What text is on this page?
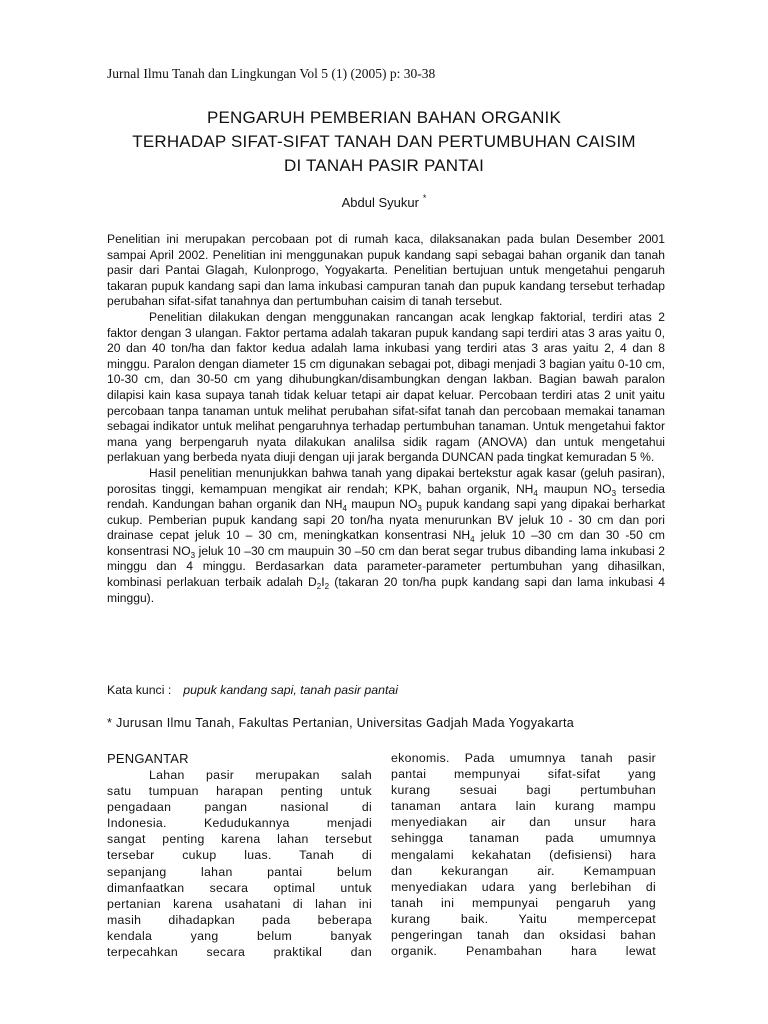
Jurnal Ilmu Tanah dan Lingkungan Vol 5 (1) (2005) p: 30-38
PENGARUH PEMBERIAN BAHAN ORGANIK
TERHADAP SIFAT-SIFAT TANAH DAN PERTUMBUHAN CAISIM
DI TANAH PASIR PANTAI
Abdul Syukur *

Penelitian ini merupakan percobaan pot di rumah kaca, dilaksanakan pada bulan Desember 2001 sampai April 2002. Penelitian ini menggunakan pupuk kandang sapi sebagai bahan organik dan tanah pasir dari Pantai Glagah, Kulonprogo, Yogyakarta. Penelitian bertujuan untuk mengetahui pengaruh takaran pupuk kandang sapi dan lama inkubasi campuran tanah dan pupuk kandang tersebut terhadap perubahan sifat-sifat tanahnya dan pertumbuhan caisim di tanah tersebut.

Penelitian dilakukan dengan menggunakan rancangan acak lengkap faktorial, terdiri atas 2 faktor dengan 3 ulangan. Faktor pertama adalah takaran pupuk kandang sapi terdiri atas 3 aras yaitu 0, 20 dan 40 ton/ha dan faktor kedua adalah lama inkubasi yang terdiri atas 3 aras yaitu 2, 4 dan 8 minggu. Paralon dengan diameter 15 cm digunakan sebagai pot, dibagi menjadi 3 bagian yaitu 0-10 cm, 10-30 cm, dan 30-50 cm yang dihubungkan/disambungkan dengan lakban. Bagian bawah paralon dilapisi kain kasa supaya tanah tidak keluar tetapi air dapat keluar. Percobaan terdiri atas 2 unit yaitu percobaan tanpa tanaman untuk melihat perubahan sifat-sifat tanah dan percobaan memakai tanaman sebagai indikator untuk melihat pengaruhnya terhadap pertumbuhan tanaman. Untuk mengetahui faktor mana yang berpengaruh nyata dilakukan analilsa sidik ragam (ANOVA) dan untuk mengetahui perlakuan yang berbeda nyata diuji dengan uji jarak berganda DUNCAN pada tingkat kemuradan 5 %.

Hasil penelitian menunjukkan bahwa tanah yang dipakai bertekstur agak kasar (geluh pasiran), porositas tinggi, kemampuan mengikat air rendah; KPK, bahan organik, $NH_4$ maupun $NO_3$ tersedia rendah. Kandungan bahan organik dan $NH_4$ maupun $NO_3$ pupuk kandang sapi yang dipakai berharkat cukup. Pemberian pupuk kandang sapi 20 ton/ha nyata menurunkan BV jeluk 10 - 30 cm dan pori drainase cepat jeluk 10 – 30 cm, meningkatkan konsentrasi $NH_4$ jeluk 10 –30 cm dan 30 -50 cm konsentrasi $NO_3$ jeluk 10 –30 cm maupuin 30 –50 cm dan berat segar trubus dibanding lama inkubasi 2 minggu dan 4 minggu. Berdasarkan data parameter-parameter pertumbuhan yang dihasilkan, kombinasi perlakuan terbaik adalah $D_2I_2$ (takaran 20 ton/ha pupk kandang sapi dan lama inkubasi 4 minggu).

Kata kunci : pupuk kandang sapi, tanah pasir pantai
* Jurusan Ilmu Tanah, Fakultas Pertanian, Universitas Gadjah Mada Yogyakarta
PENGANTAR
Lahan pasir merupakan salah
satu tumpuan harapan penting untuk
pengadaan pangan nasional di
Indonesia. Kedudukannya menjadi
sangat penting karena lahan tersebut
tersebar cukup luas. Tanah di
sepanjang lahan pantai belum
dimanfaatkan secara optimal untuk
pertanian karena usahatani di lahan ini
masih dihadapkan pada beberapa
kendala yang belum banyak
terpecahkan secara praktikal dan
ekonomis. Pada umumnya tanah pasir
pantai mempunyai sifat-sifat yang
kurang sesuai bagi pertumbuhan
tanaman antara lain kurang mampu
menyediakan air dan unsur hara
sehingga tanaman pada umumnya
mengalami kekahatan (defisiensi) hara
dan kekurangan air. Kemampuan
menyediakan udara yang berlebihan di
tanah ini mempunyai pengaruh yang
kurang baik. Yaitu mempercepat
pengeringan tanah dan oksidasi bahan
organik. Penambahan hara lewat
